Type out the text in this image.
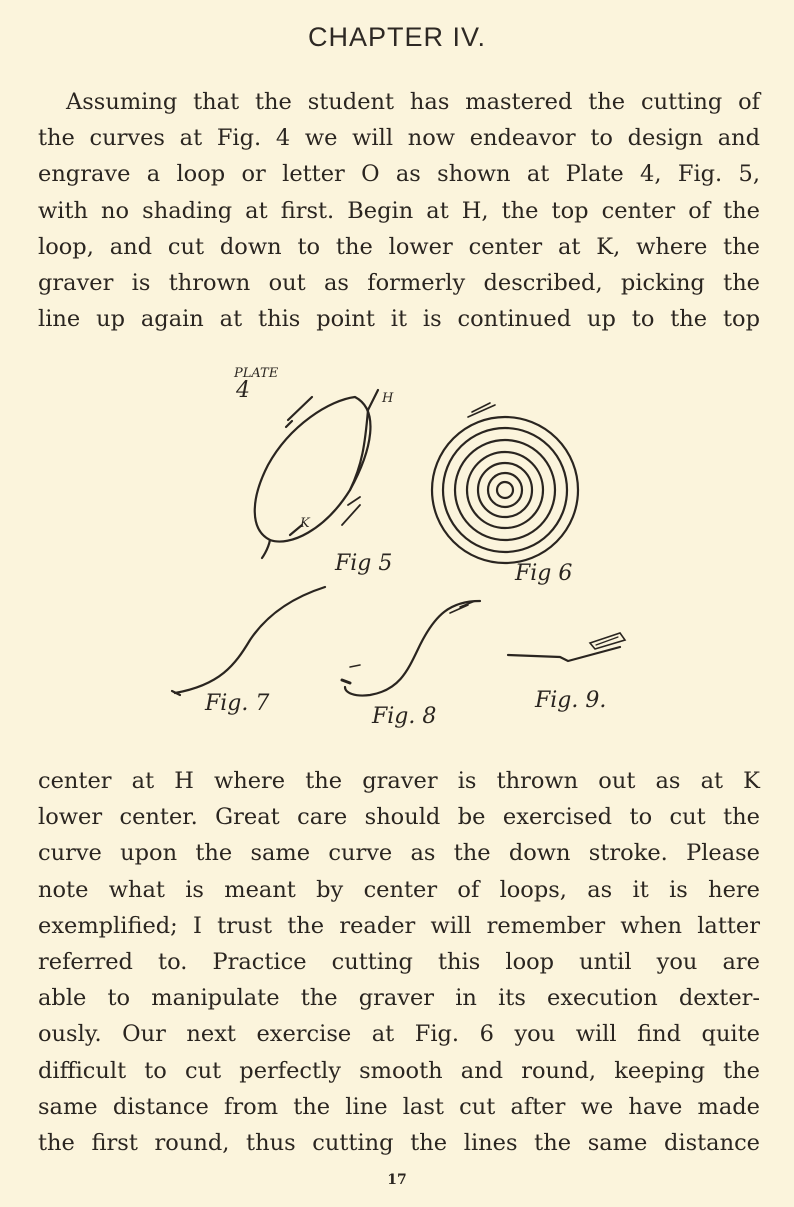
CHAPTER IV.

Assuming that the student has mastered the cutting of
the curves at Fig. 4 we will now endeavor to design and
engrave a loop or letter O as shown at Plate 4, Fig. 5,
with no shading at first. Begin at H, the top center of the
loop, and cut down to the lower center at K, where the
graver is thrown out as formerly described, picking the
line up again at this point it is continued up to the top

PLATE
4	H
K
Fig 5	Fig 6
Fig. 7
Fig. 8
Fig. 9.

center at H where the graver is thrown out as at K
lower center. Great care should be exercised to cut the
curve upon the same curve as the down stroke. Please
note what is meant by center of loops, as it is here
exemplified; I trust the reader will remember when latter
referred to. Practice cutting this loop until you are
able to manipulate the graver in its execution dexter-
ously. Our next exercise at Fig. 6 you will find quite
difficult to cut perfectly smooth and round, keeping the
same distance from the line last cut after we have made
the first round, thus cutting the lines the same distance

17
